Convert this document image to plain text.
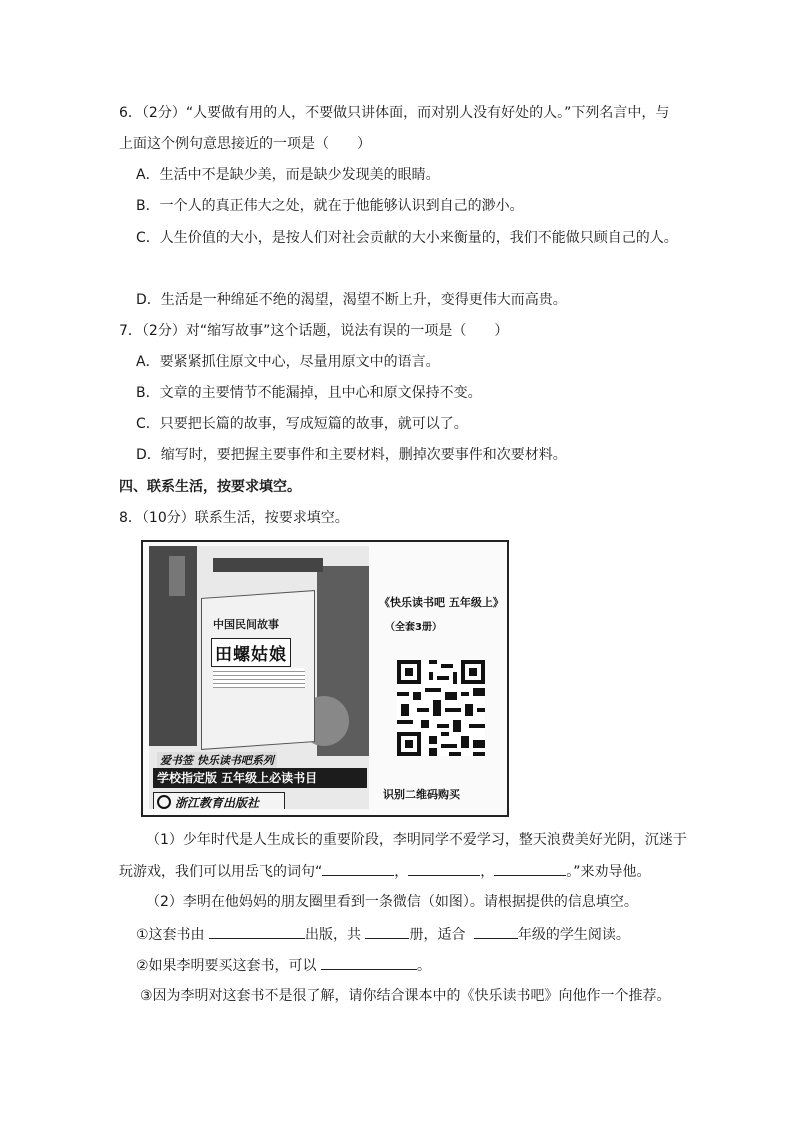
6．（2分）“人要做有用的人，不要做只讲体面，而对别人没有好处的人。”下列名言中，与
上面这个例句意思接近的一项是（　　）
A．生活中不是缺少美，而是缺少发现美的眼睛。
B．一个人的真正伟大之处，就在于他能够认识到自己的渺小。
C．人生价值的大小，是按人们对社会贡献的大小来衡量的，我们不能做只顾自己的人。
D．生活是一种绵延不绝的渴望，渴望不断上升，变得更伟大而高贵。
7．（2分）对“缩写故事”这个话题，说法有误的一项是（　　）
A．要紧紧抓住原文中心，尽量用原文中的语言。
B．文章的主要情节不能漏掉，且中心和原文保持不变。
C．只要把长篇的故事，写成短篇的故事，就可以了。
D．缩写时，要把握主要事件和主要材料，删掉次要事件和次要材料。
四、联系生活，按要求填空。
8．（10分）联系生活，按要求填空。
中国民间故事
田螺姑娘
爱书签 快乐读书吧系列
学校指定版 五年级上必读书目
浙江教育出版社
《快乐读书吧 五年级上》
（全套3册）
识别二维码购买
（1）少年时代是人生成长的重要阶段，李明同学不爱学习，整天浪费美好光阴，沉迷于
玩游戏，我们可以用岳飞的词句“	，	，	。”来劝导他。
（2）李明在他妈妈的朋友圈里看到一条微信（如图）。请根据提供的信息填空。
①这套书由	出版，共	册，适合	年级的学生阅读。
②如果李明要买这套书，可以	。
③因为李明对这套书不是很了解，请你结合课本中的《快乐读书吧》向他作一个推荐。
